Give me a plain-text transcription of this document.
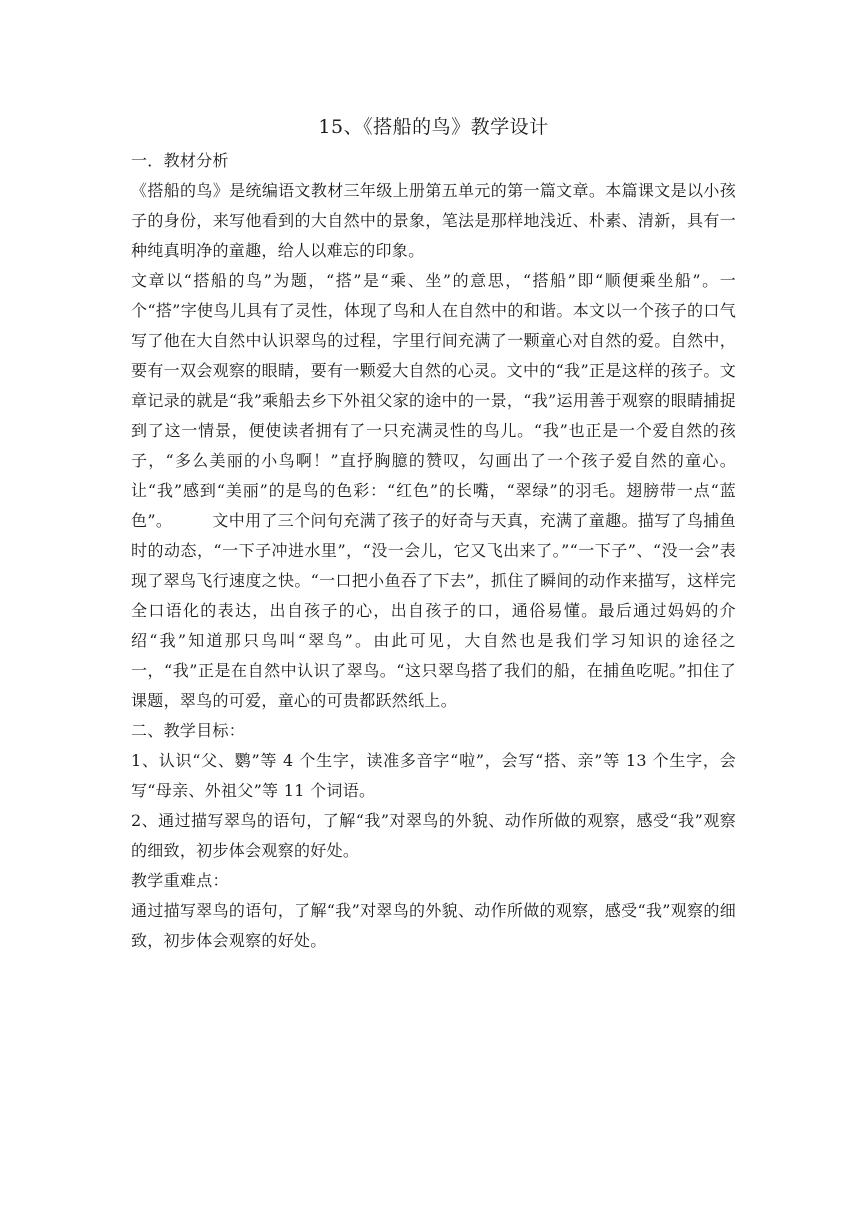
15、《搭船的鸟》教学设计

一．教材分析

《搭船的鸟》是统编语文教材三年级上册第五单元的第一篇文章。本篇课文是以小孩子的身份，来写他看到的大自然中的景象，笔法是那样地浅近、朴素、清新，具有一种纯真明净的童趣，给人以难忘的印象。

文章以“搭船的鸟”为题，“搭”是“乘、坐”的意思，“搭船”即“顺便乘坐船”。一个“搭”字使鸟儿具有了灵性，体现了鸟和人在自然中的和谐。本文以一个孩子的口气写了他在大自然中认识翠鸟的过程，字里行间充满了一颗童心对自然的爱。自然中，要有一双会观察的眼睛，要有一颗爱大自然的心灵。文中的“我”正是这样的孩子。文章记录的就是“我”乘船去乡下外祖父家的途中的一景，“我”运用善于观察的眼睛捕捉到了这一情景，便使读者拥有了一只充满灵性的鸟儿。“我”也正是一个爱自然的孩子，“多么美丽的小鸟啊！”直抒胸臆的赞叹，勾画出了一个孩子爱自然的童心。让“我”感到“美丽”的是鸟的色彩：“红色”的长嘴，“翠绿”的羽毛。翅膀带一点“蓝色”。	文中用了三个问句充满了孩子的好奇与天真，充满了童趣。描写了鸟捕鱼时的动态，“一下子冲进水里”，“没一会儿，它又飞出来了。”“一下子”、“没一会”表现了翠鸟飞行速度之快。“一口把小鱼吞了下去”，抓住了瞬间的动作来描写，这样完全口语化的表达，出自孩子的心，出自孩子的口，通俗易懂。最后通过妈妈的介绍“我”知道那只鸟叫“翠鸟”。由此可见，大自然也是我们学习知识的途径之一，“我”正是在自然中认识了翠鸟。“这只翠鸟搭了我们的船，在捕鱼吃呢。”扣住了课题，翠鸟的可爱，童心的可贵都跃然纸上。

二、教学目标：

1、认识“父、鹦”等 4 个生字，读准多音字“啦”，会写“搭、亲”等 13 个生字，会写“母亲、外祖父”等 11 个词语。

2、通过描写翠鸟的语句，了解“我”对翠鸟的外貌、动作所做的观察，感受“我”观察的细致，初步体会观察的好处。

教学重难点：

通过描写翠鸟的语句，了解“我”对翠鸟的外貌、动作所做的观察，感受“我”观察的细致，初步体会观察的好处。
